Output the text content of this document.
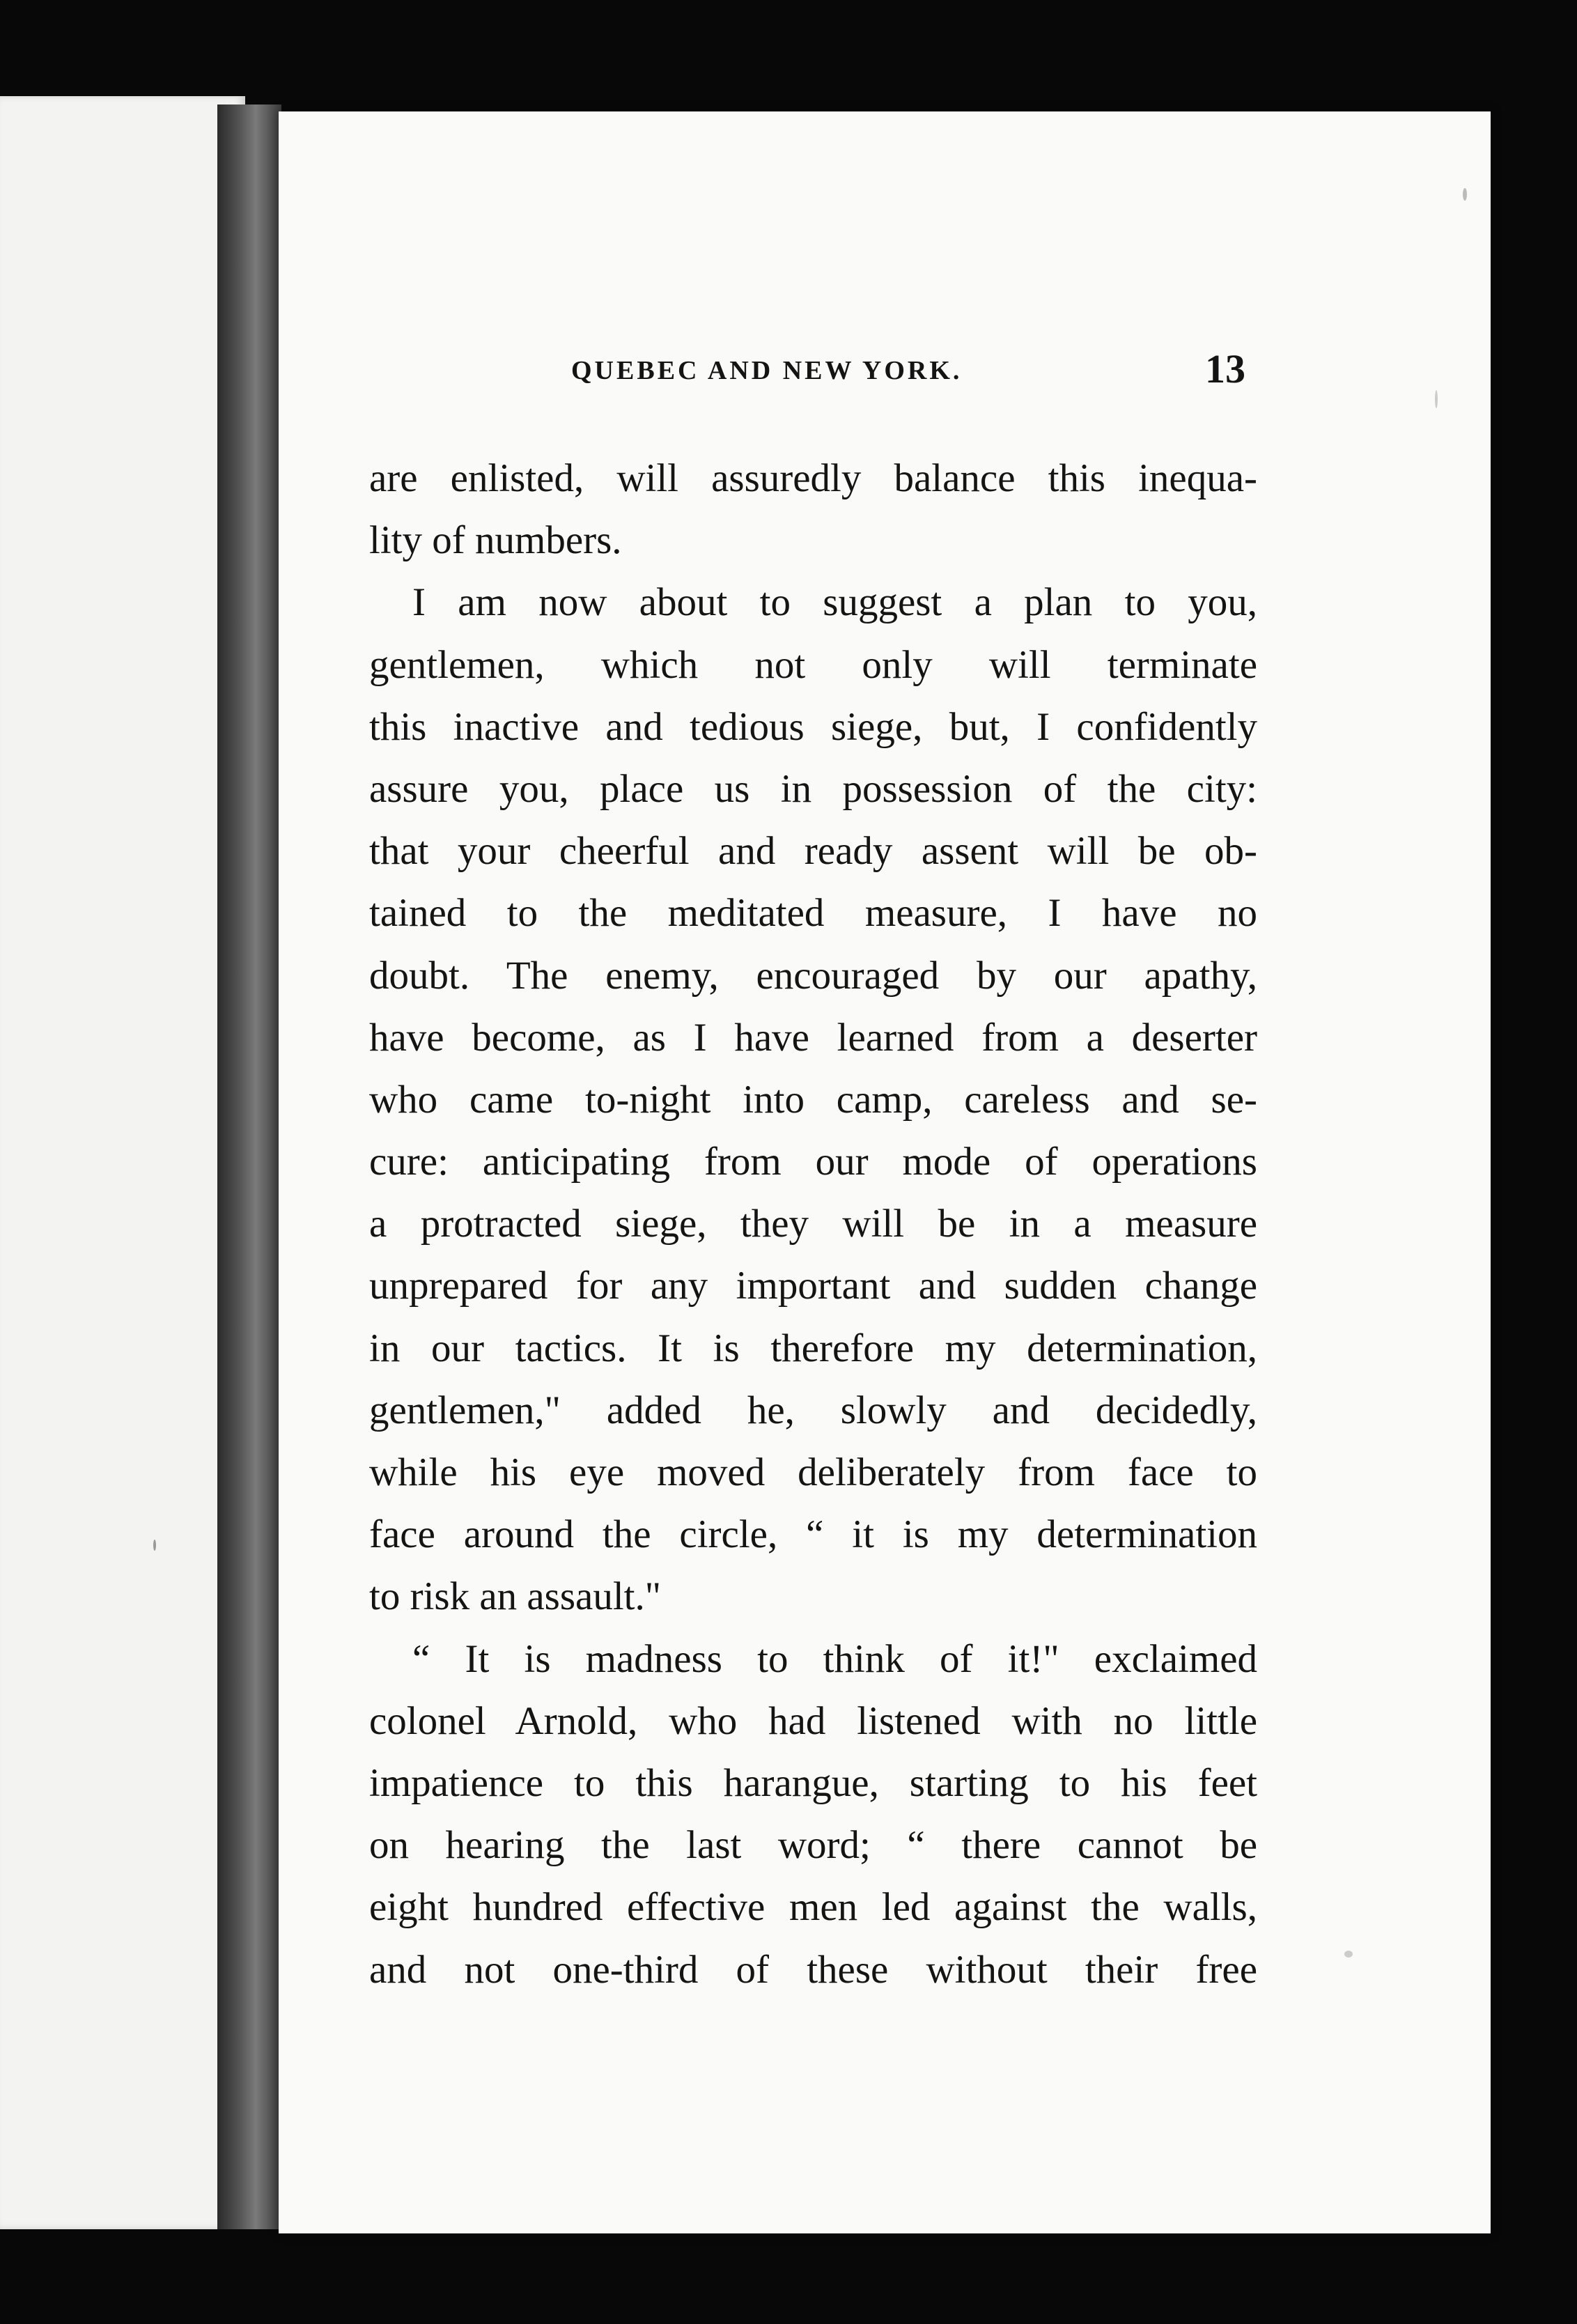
QUEBEC AND NEW YORK.	13
are enlisted, will assuredly balance this inequa-
lity of numbers.
I am now about to suggest a plan to you,
gentlemen, which not only will terminate
this inactive and tedious siege, but, I confidently
assure you, place us in possession of the city:
that your cheerful and ready assent will be ob-
tained to the meditated measure, I have no
doubt. The enemy, encouraged by our apathy,
have become, as I have learned from a deserter
who came to-night into camp, careless and se-
cure: anticipating from our mode of operations
a protracted siege, they will be in a measure
unprepared for any important and sudden change
in our tactics. It is therefore my determination,
gentlemen," added he, slowly and decidedly,
while his eye moved deliberately from face to
face around the circle, “ it is my determination
to risk an assault."
“ It is madness to think of it!" exclaimed
colonel Arnold, who had listened with no little
impatience to this harangue, starting to his feet
on hearing the last word; “ there cannot be
eight hundred effective men led against the walls,
and not one-third of these without their free
